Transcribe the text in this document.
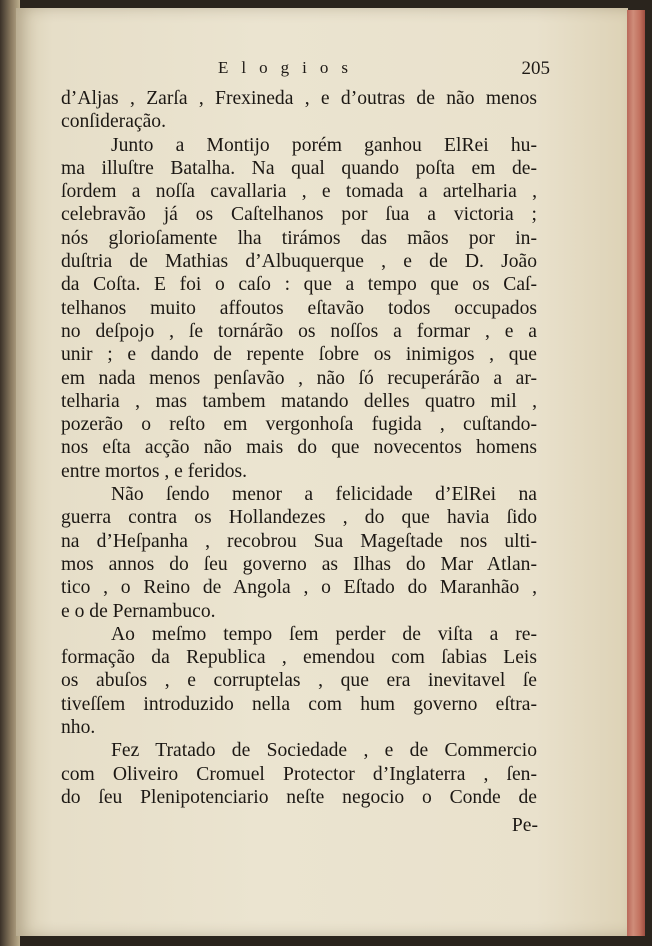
Elogios	205
d’Aljas , Zarſa , Frexineda , e d’outras de não menos
conſideração.
Junto a Montijo porém ganhou ElRei hu-
ma illuſtre Batalha. Na qual quando poſta em de-
ſordem a noſſa cavallaria , e tomada a artelharia ,
celebravão já os Caſtelhanos por ſua a victoria ;
nós glorioſamente lha tirámos das mãos por in-
duſtria de Mathias d’Albuquerque , e de D. João
da Coſta. E foi o caſo : que a tempo que os Caſ-
telhanos muito affoutos eſtavão todos occupados
no deſpojo , ſe tornárão os noſſos a formar , e a
unir ; e dando de repente ſobre os inimigos , que
em nada menos penſavão , não ſó recuperárão a ar-
telharia , mas tambem matando delles quatro mil ,
pozerão o reſto em vergonhoſa fugida , cuſtando-
nos eſta acção não mais do que novecentos homens
entre mortos , e feridos.
Não ſendo menor a felicidade d’ElRei na
guerra contra os Hollandezes , do que havia ſido
na d’Heſpanha , recobrou Sua Mageſtade nos ulti-
mos annos do ſeu governo as Ilhas do Mar Atlan-
tico , o Reino de Angola , o Eſtado do Maranhão ,
e o de Pernambuco.
Ao meſmo tempo ſem perder de viſta a re-
formação da Republica , emendou com ſabias Leis
os abuſos , e corruptelas , que era inevitavel ſe
tiveſſem introduzido nella com hum governo eſtra-
nho.
Fez Tratado de Sociedade , e de Commercio
com Oliveiro Cromuel Protector d’Inglaterra , ſen-
do ſeu Plenipotenciario neſte negocio o Conde de
Pe-
